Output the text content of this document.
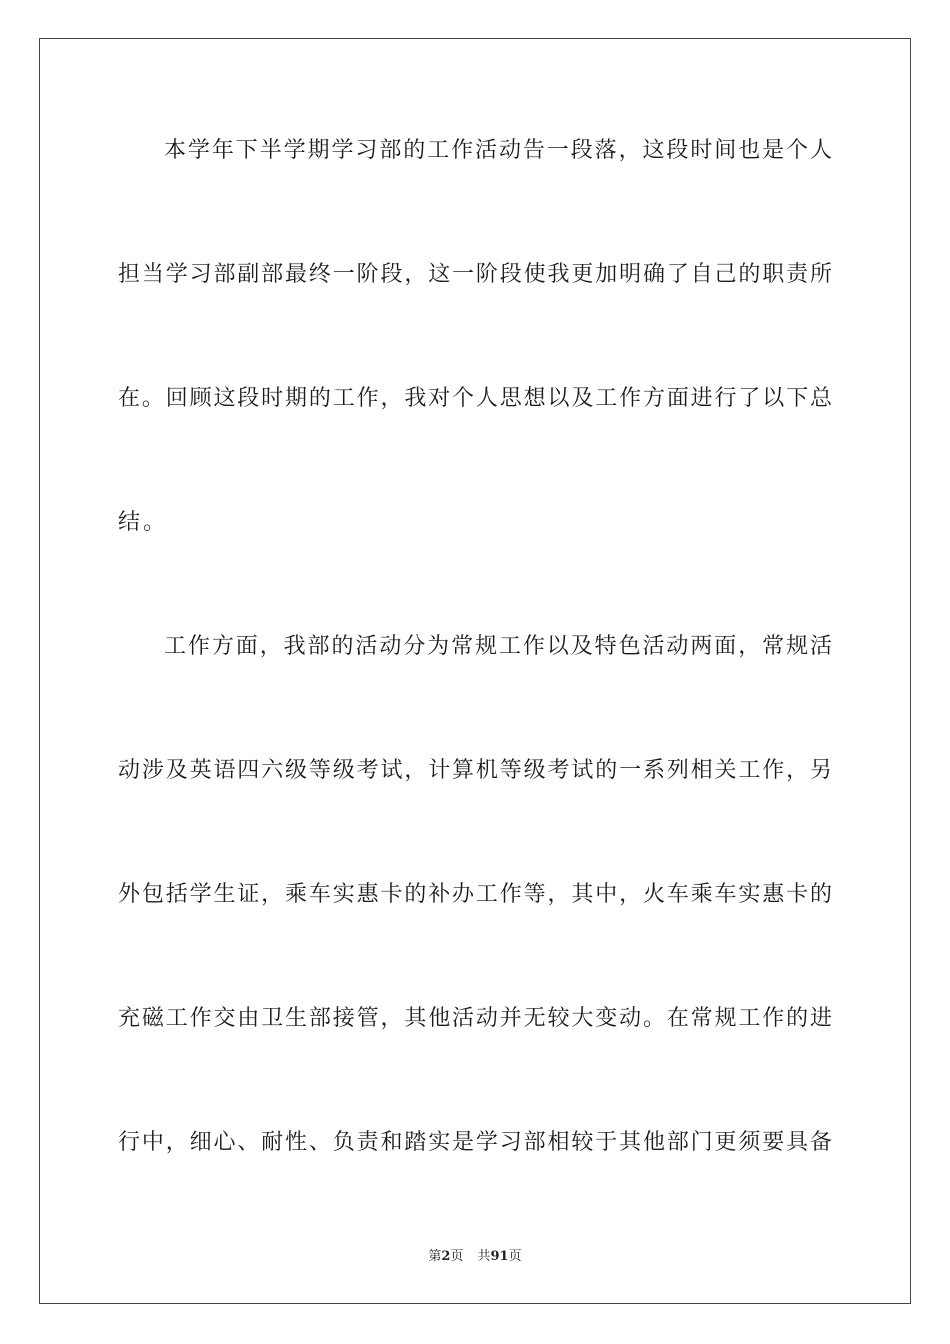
本学年下半学期学习部的工作活动告一段落，这段时间也是个人
担当学习部副部最终一阶段，这一阶段使我更加明确了自己的职责所
在。回顾这段时期的工作，我对个人思想以及工作方面进行了以下总
结。
工作方面，我部的活动分为常规工作以及特色活动两面，常规活
动涉及英语四六级等级考试，计算机等级考试的一系列相关工作，另
外包括学生证，乘车实惠卡的补办工作等，其中，火车乘车实惠卡的
充磁工作交由卫生部接管，其他活动并无较大变动。在常规工作的进
行中，细心、耐性、负责和踏实是学习部相较于其他部门更须要具备
第2页 共91页
